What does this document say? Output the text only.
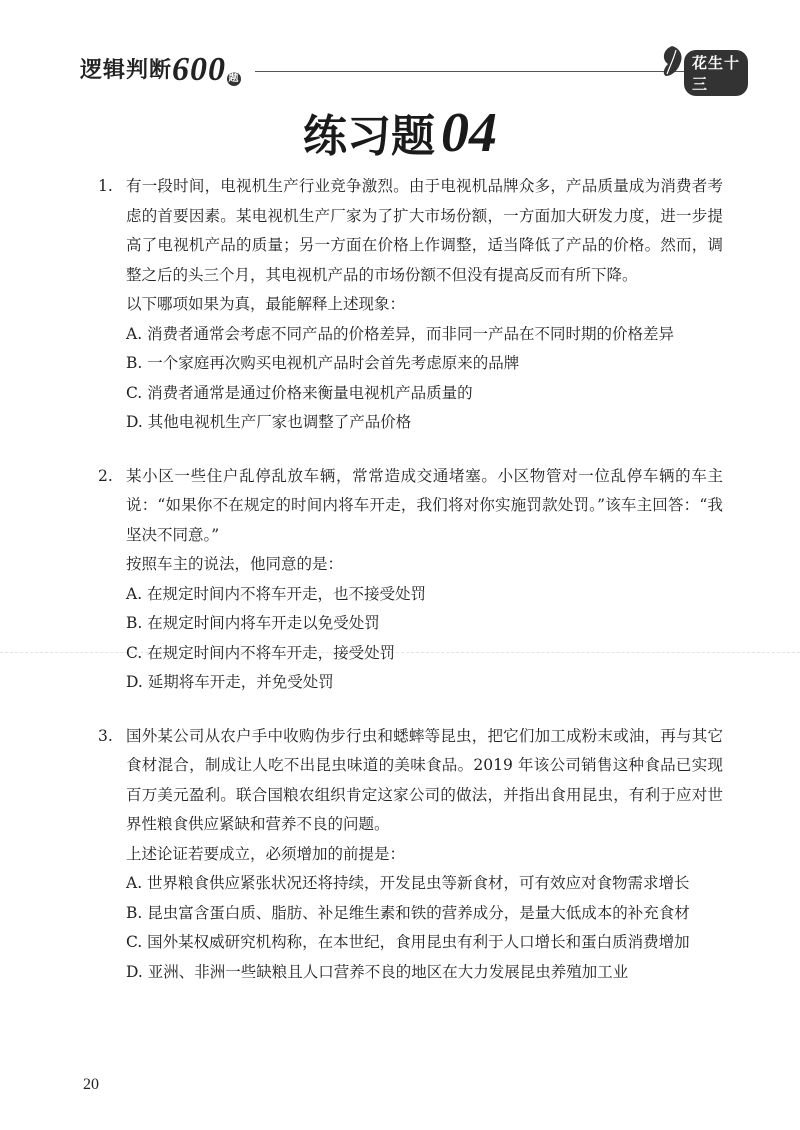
逻辑判断600 题
花生十三
练习题 04
1. 有一段时间，电视机生产行业竞争激烈。由于电视机品牌众多，产品质量成为消费者考虑的首要因素。某电视机生产厂家为了扩大市场份额，一方面加大研发力度，进一步提高了电视机产品的质量；另一方面在价格上作调整，适当降低了产品的价格。然而，调整之后的头三个月，其电视机产品的市场份额不但没有提高反而有所下降。
以下哪项如果为真，最能解释上述现象：
A. 消费者通常会考虑不同产品的价格差异，而非同一产品在不同时期的价格差异
B. 一个家庭再次购买电视机产品时会首先考虑原来的品牌
C. 消费者通常是通过价格来衡量电视机产品质量的
D. 其他电视机生产厂家也调整了产品价格
2. 某小区一些住户乱停乱放车辆，常常造成交通堵塞。小区物管对一位乱停车辆的车主说：“如果你不在规定的时间内将车开走，我们将对你实施罚款处罚。”该车主回答：“我坚决不同意。”
按照车主的说法，他同意的是：
A. 在规定时间内不将车开走，也不接受处罚
B. 在规定时间内将车开走以免受处罚
C. 在规定时间内不将车开走，接受处罚
D. 延期将车开走，并免受处罚
3. 国外某公司从农户手中收购伪步行虫和蟋蟀等昆虫，把它们加工成粉末或油，再与其它食材混合，制成让人吃不出昆虫味道的美味食品。2019 年该公司销售这种食品已实现百万美元盈利。联合国粮农组织肯定这家公司的做法，并指出食用昆虫，有利于应对世界性粮食供应紧缺和营养不良的问题。
上述论证若要成立，必须增加的前提是：
A. 世界粮食供应紧张状况还将持续，开发昆虫等新食材，可有效应对食物需求增长
B. 昆虫富含蛋白质、脂肪、补足维生素和铁的营养成分，是量大低成本的补充食材
C. 国外某权威研究机构称，在本世纪，食用昆虫有利于人口增长和蛋白质消费增加
D. 亚洲、非洲一些缺粮且人口营养不良的地区在大力发展昆虫养殖加工业
20
